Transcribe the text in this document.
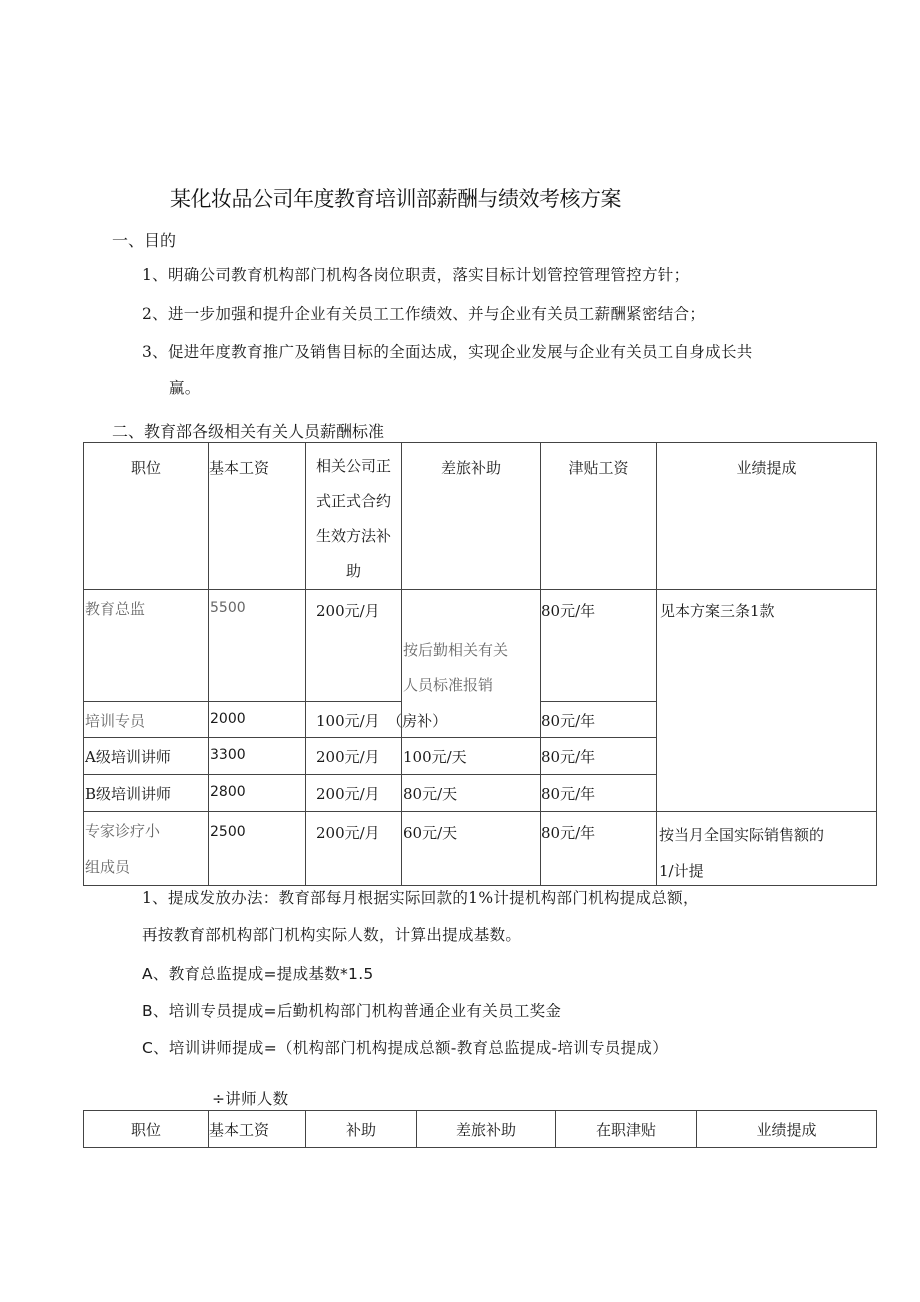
某化妆品公司年度教育培训部薪酬与绩效考核方案
一、目的
1、明确公司教育机构部门机构各岗位职责，落实目标计划管控管理管控方针；
2、进一步加强和提升企业有关员工工作绩效、并与企业有关员工薪酬紧密结合；
3、促进年度教育推广及销售目标的全面达成，实现企业发展与企业有关员工自身成长共
赢。
二、教育部各级相关有关人员薪酬标准
职位	基本工资	相关公司正
式正式合约
生效方法补
助	差旅补助	津贴工资	业绩提成

教育总监	5500	200元/月	按后勤相关有关
人员标准报销	80元/年	见本方案三条1款

培训专员	2000	100元/月　（房补）		80元/年	

A级培训讲师	3300	200元/月	100元/天	80元/年	

B级培训讲师	2800	200元/月	80元/天	80元/年	

专家诊疗小
组成员	2500	200元/月	60元/天	80元/年	按当月全国实际销售额的
1/计提
1、提成发放办法：教育部每月根据实际回款的1%计提机构部门机构提成总额，
再按教育部机构部门机构实际人数，计算出提成基数。
A、教育总监提成=提成基数*1.5
B、培训专员提成=后勤机构部门机构普通企业有关员工奖金
C、培训讲师提成=（机构部门机构提成总额-教育总监提成-培训专员提成）
÷讲师人数
职位	基本工资	补助	差旅补助	在职津贴	业绩提成
